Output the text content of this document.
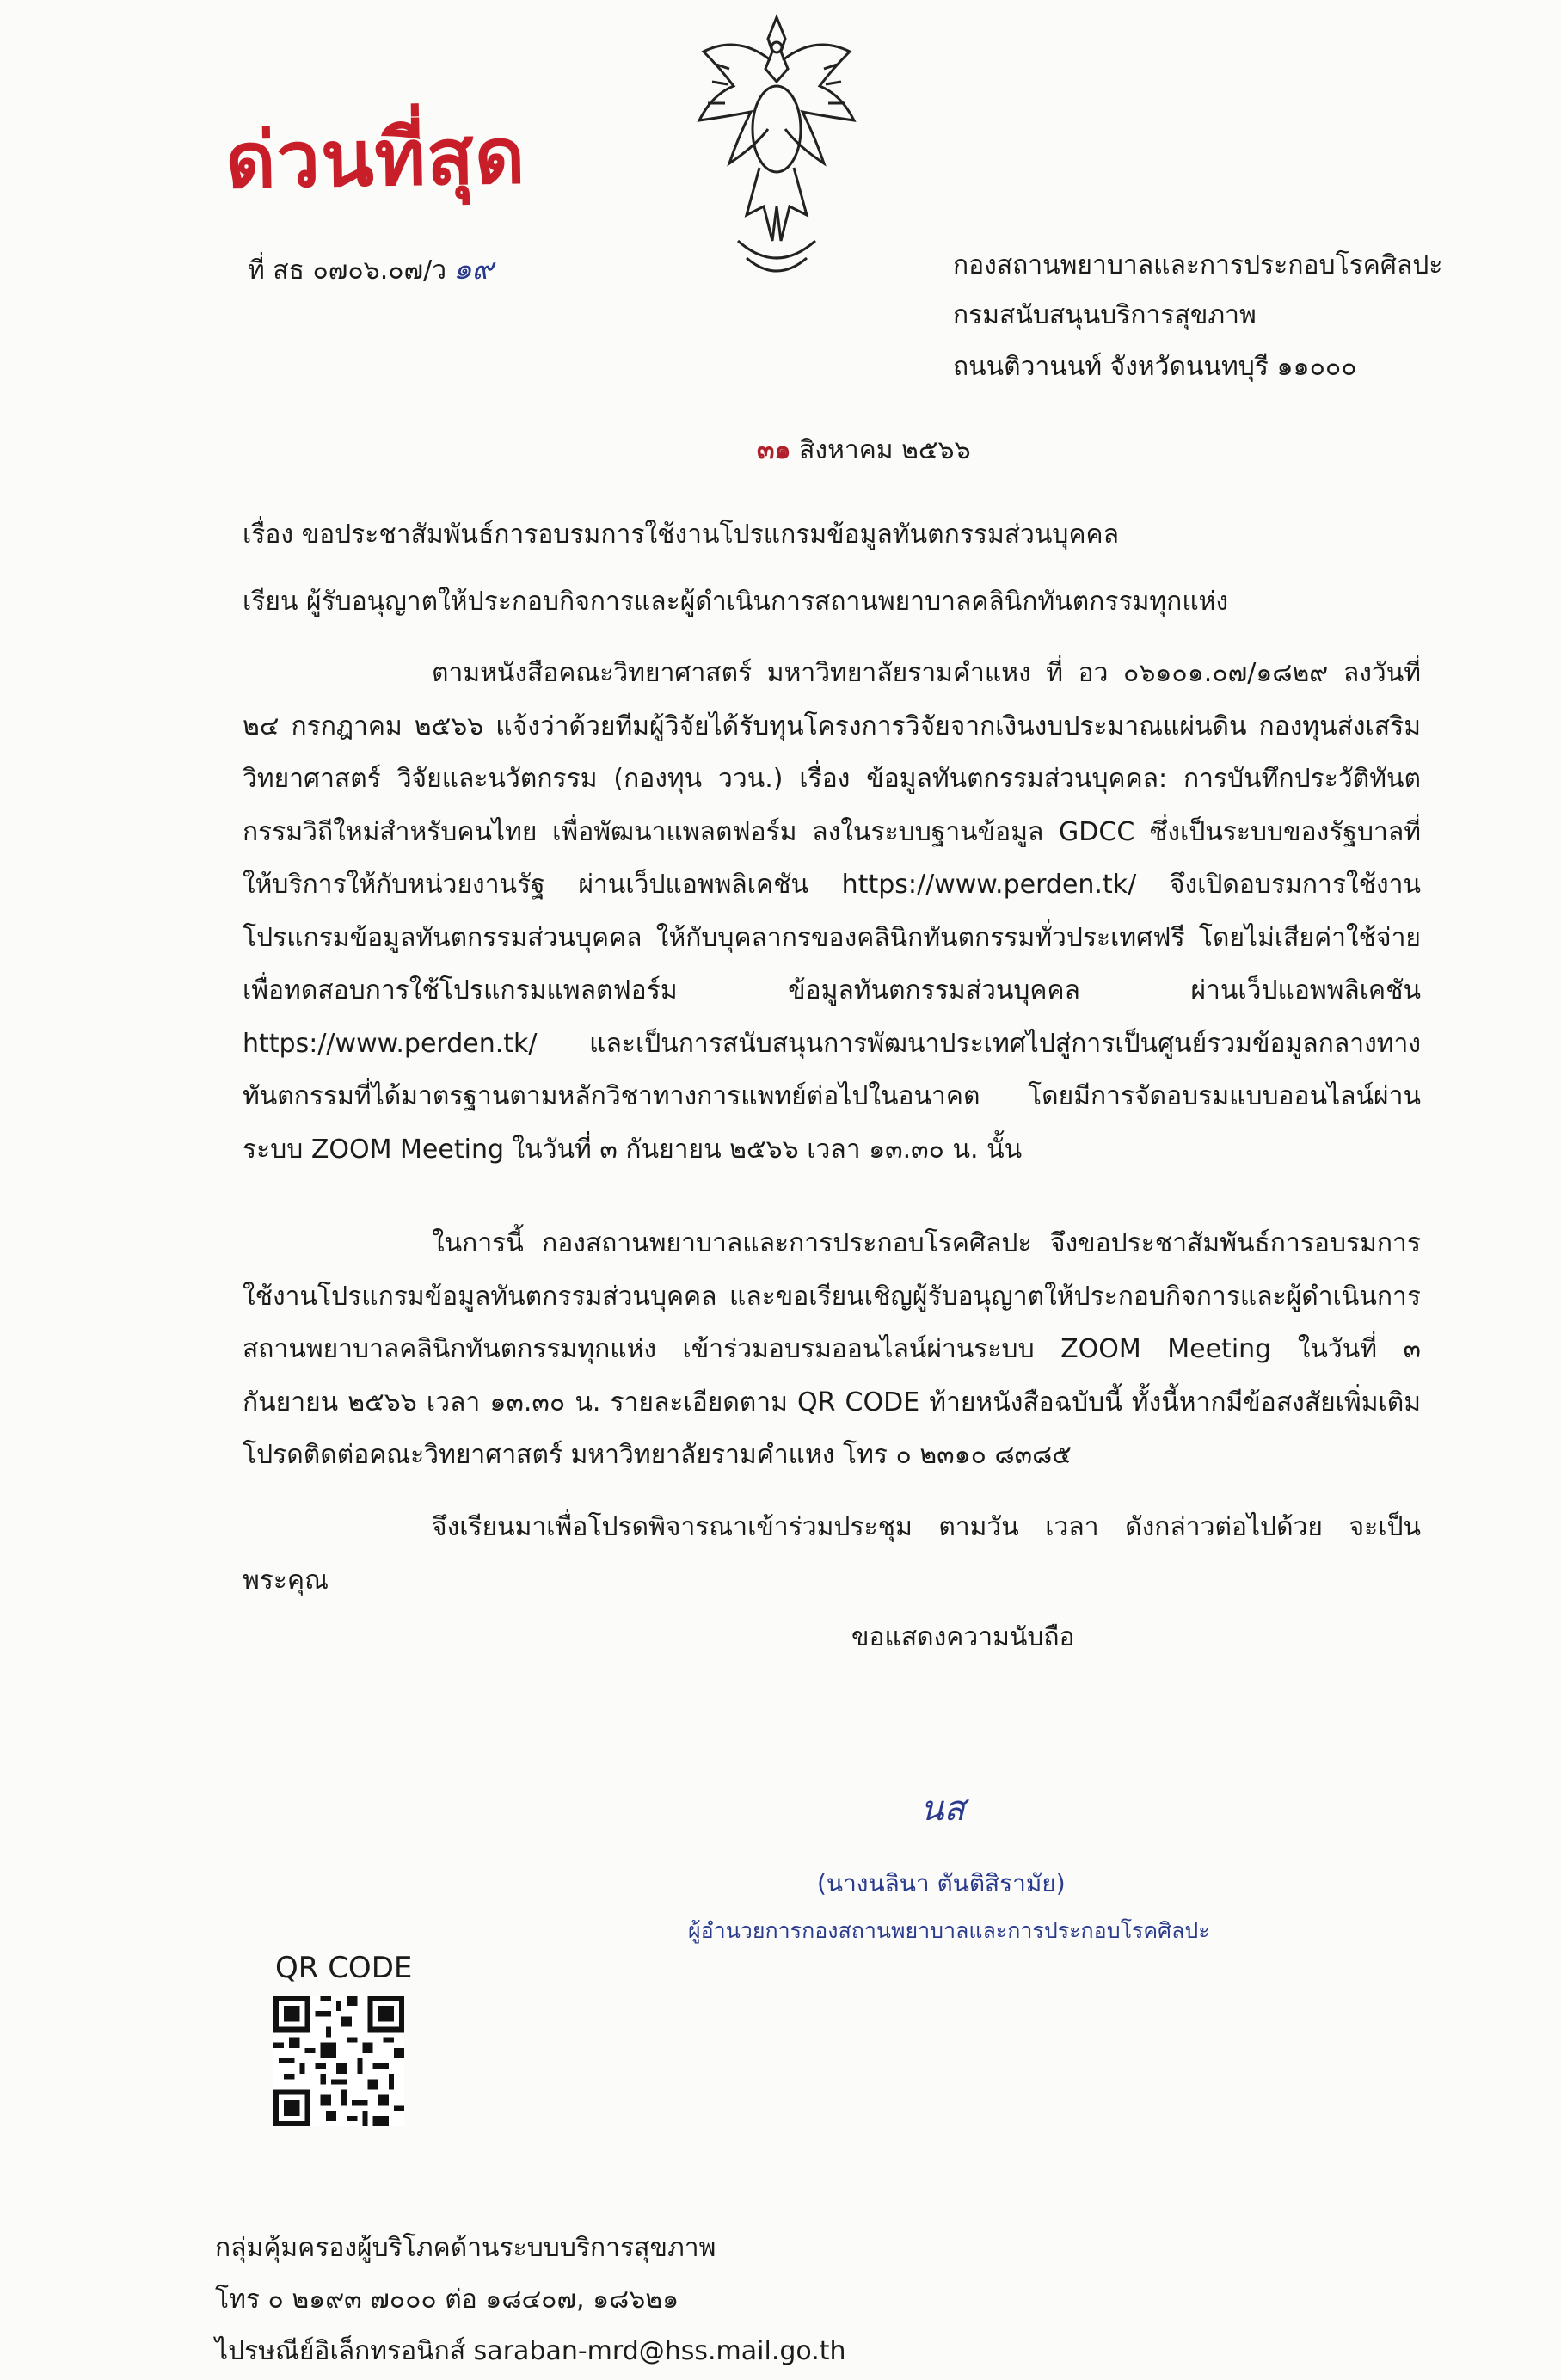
ด่วนที่สุด
ที่ สธ ๐๗๐๖.๐๗/ว ๑๙	กองสถานพยาบาลและการประกอบโรคศิลปะ
กรมสนับสนุนบริการสุขภาพ
ถนนติวานนท์ จังหวัดนนทบุรี ๑๑๐๐๐
๓๑ สิงหาคม ๒๕๖๖
เรื่อง ขอประชาสัมพันธ์การอบรมการใช้งานโปรแกรมข้อมูลทันตกรรมส่วนบุคคล
เรียน ผู้รับอนุญาตให้ประกอบกิจการและผู้ดำเนินการสถานพยาบาลคลินิกทันตกรรมทุกแห่ง

ตามหนังสือคณะวิทยาศาสตร์ มหาวิทยาลัยรามคำแหง ที่ อว ๐๖๑๐๑.๐๗/๑๘๒๙ ลงวันที่ ๒๔ กรกฎาคม ๒๕๖๖ แจ้งว่าด้วยทีมผู้วิจัยได้รับทุนโครงการวิจัยจากเงินงบประมาณแผ่นดิน กองทุนส่งเสริมวิทยาศาสตร์ วิจัยและนวัตกรรม (กองทุน ววน.) เรื่อง ข้อมูลทันตกรรมส่วนบุคคล: การบันทึกประวัติทันตกรรมวิถีใหม่สำหรับคนไทย เพื่อพัฒนาแพลตฟอร์ม ลงในระบบฐานข้อมูล GDCC ซึ่งเป็นระบบของรัฐบาลที่ให้บริการให้กับหน่วยงานรัฐ ผ่านเว็ปแอพพลิเคชัน https://www.perden.tk/ จึงเปิดอบรมการใช้งานโปรแกรมข้อมูลทันตกรรมส่วนบุคคล ให้กับบุคลากรของคลินิกทันตกรรมทั่วประเทศฟรี โดยไม่เสียค่าใช้จ่าย เพื่อทดสอบการใช้โปรแกรมแพลตฟอร์ม ข้อมูลทันตกรรมส่วนบุคคล ผ่านเว็ปแอพพลิเคชัน https://www.perden.tk/ และเป็นการสนับสนุนการพัฒนาประเทศไปสู่การเป็นศูนย์รวมข้อมูลกลางทางทันตกรรมที่ได้มาตรฐานตามหลักวิชาทางการแพทย์ต่อไปในอนาคต โดยมีการจัดอบรมแบบออนไลน์ผ่านระบบ ZOOM Meeting ในวันที่ ๓ กันยายน ๒๕๖๖ เวลา ๑๓.๓๐ น. นั้น

ในการนี้ กองสถานพยาบาลและการประกอบโรคศิลปะ จึงขอประชาสัมพันธ์การอบรมการใช้งานโปรแกรมข้อมูลทันตกรรมส่วนบุคคล และขอเรียนเชิญผู้รับอนุญาตให้ประกอบกิจการและผู้ดำเนินการสถานพยาบาลคลินิกทันตกรรมทุกแห่ง เข้าร่วมอบรมออนไลน์ผ่านระบบ ZOOM Meeting ในวันที่ ๓ กันยายน ๒๕๖๖ เวลา ๑๓.๓๐ น. รายละเอียดตาม QR CODE ท้ายหนังสือฉบับนี้ ทั้งนี้หากมีข้อสงสัยเพิ่มเติม โปรดติดต่อคณะวิทยาศาสตร์ มหาวิทยาลัยรามคำแหง โทร ๐ ๒๓๑๐ ๘๓๘๕

จึงเรียนมาเพื่อโปรดพิจารณาเข้าร่วมประชุม ตามวัน เวลา ดังกล่าวต่อไปด้วย จะเป็นพระคุณ

ขอแสดงความนับถือ
นส
(นางนลินา ตันติสิรามัย)
ผู้อำนวยการกองสถานพยาบาลและการประกอบโรคศิลปะ
QR CODE
กลุ่มคุ้มครองผู้บริโภคด้านระบบบริการสุขภาพ
โทร ๐ ๒๑๙๓ ๗๐๐๐ ต่อ ๑๘๔๐๗, ๑๘๖๒๑
ไปรษณีย์อิเล็กทรอนิกส์ saraban-mrd@hss.mail.go.th
